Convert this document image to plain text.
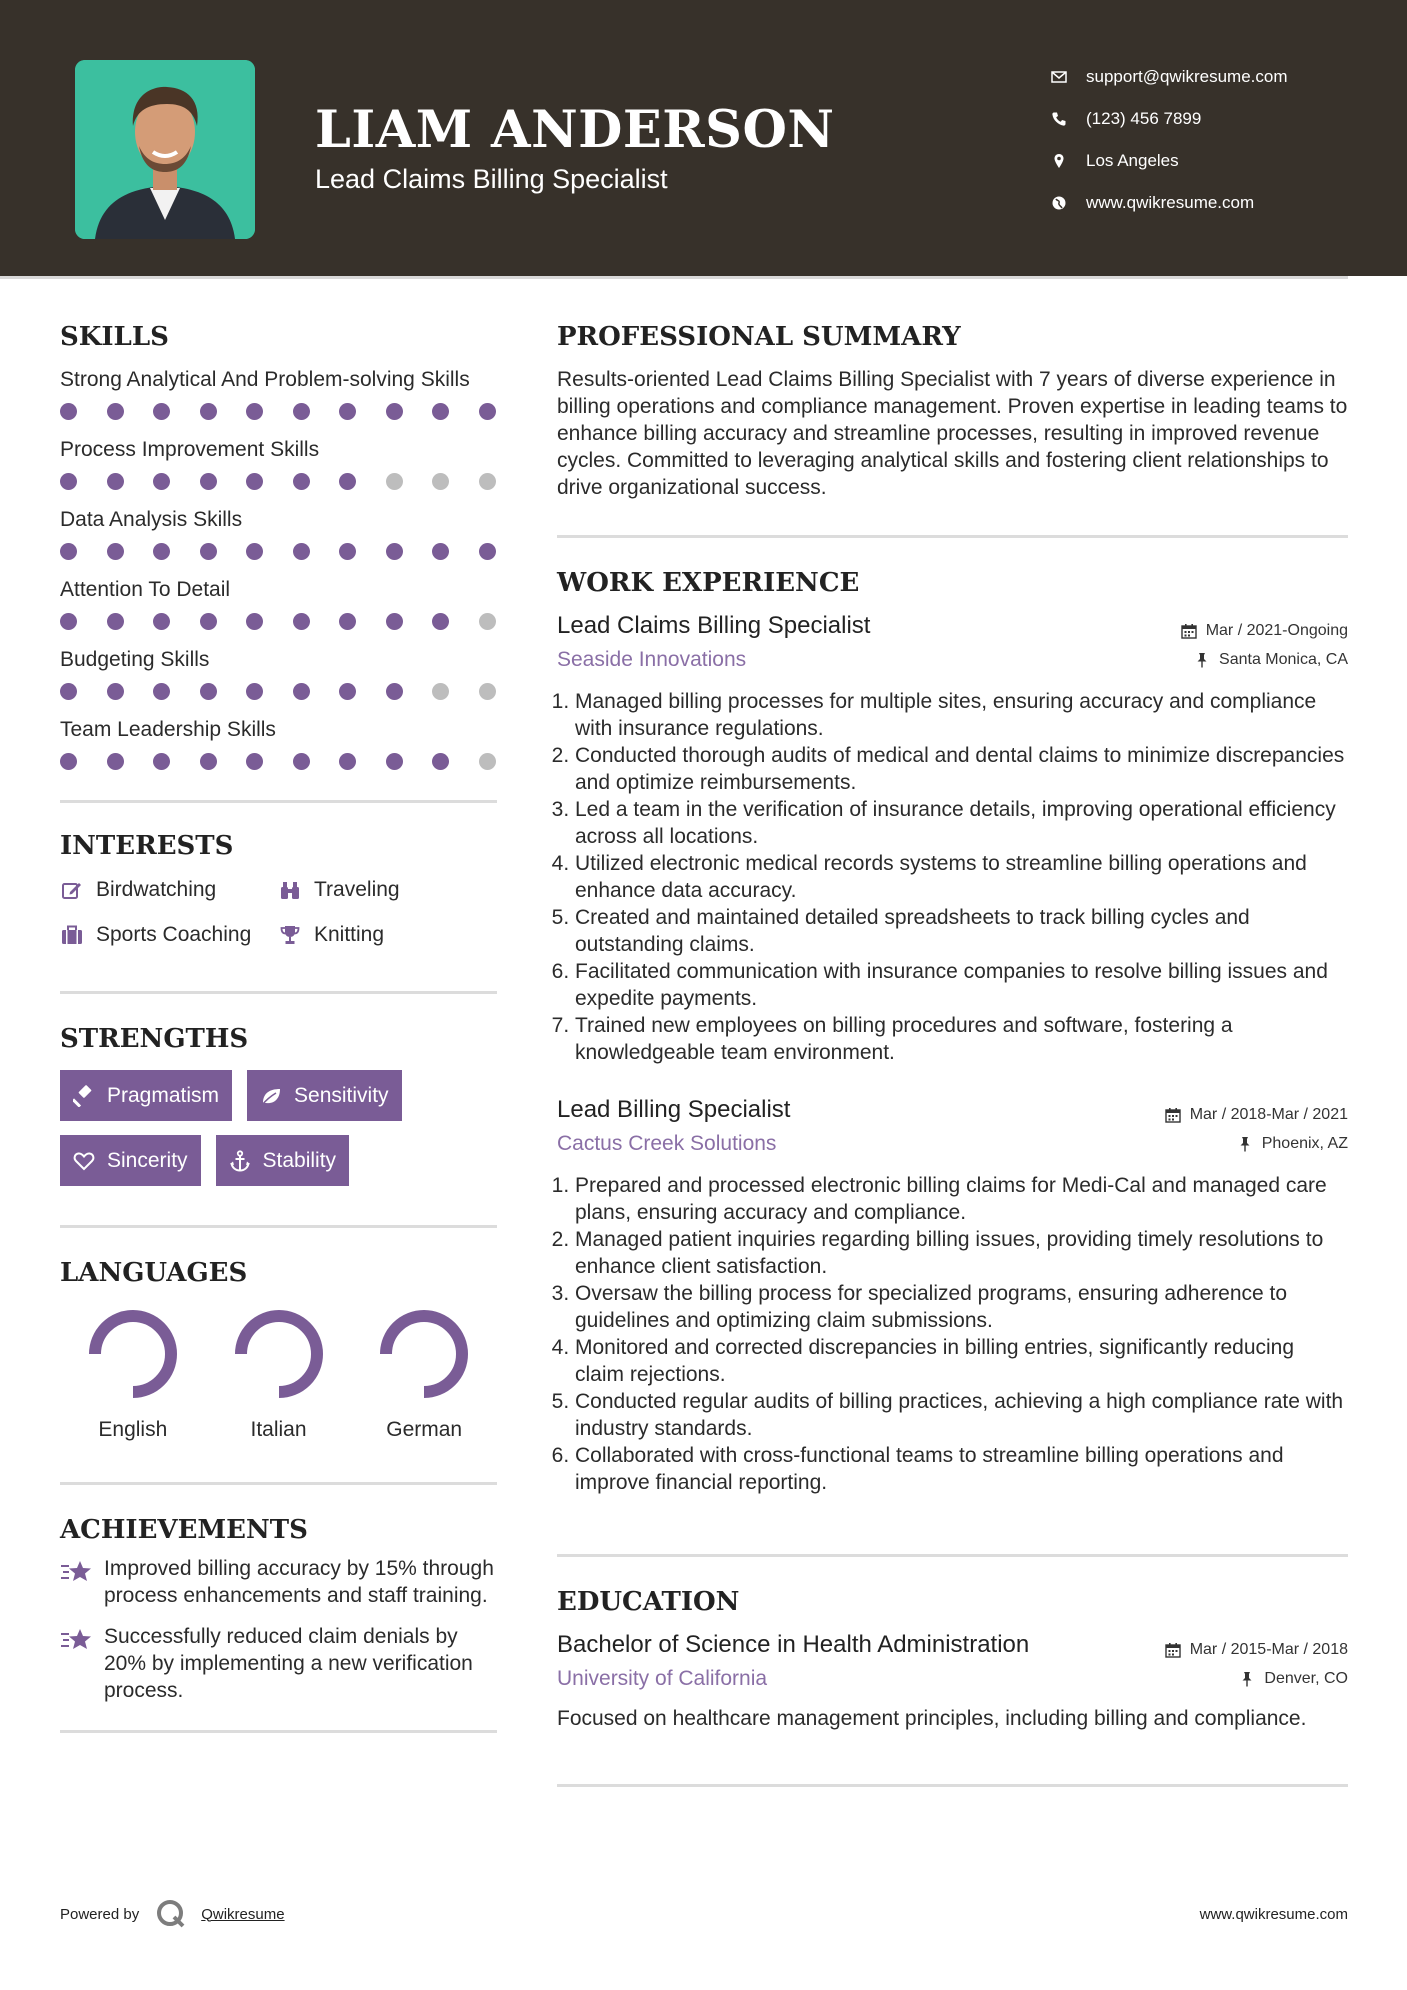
LIAM ANDERSON
Lead Claims Billing Specialist
support@qwikresume.com
(123) 456 7899
Los Angeles
www.qwikresume.com
SKILLS
Strong Analytical And Problem-solving Skills
Process Improvement Skills
Data Analysis Skills
Attention To Detail
Budgeting Skills
Team Leadership Skills
INTERESTS
Birdwatching	Traveling
Sports Coaching	Knitting
STRENGTHS
Pragmatism	Sensitivity
Sincerity	Stability
LANGUAGES
English	Italian	German
ACHIEVEMENTS
Improved billing accuracy by 15% through process enhancements and staff training.
Successfully reduced claim denials by 20% by implementing a new verification process.
PROFESSIONAL SUMMARY
Results-oriented Lead Claims Billing Specialist with 7 years of diverse experience in billing operations and compliance management. Proven expertise in leading teams to enhance billing accuracy and streamline processes, resulting in improved revenue cycles. Committed to leveraging analytical skills and fostering client relationships to drive organizational success.
WORK EXPERIENCE
Lead Claims Billing Specialist	Mar / 2021-Ongoing
Seaside Innovations	Santa Monica, CA
1. Managed billing processes for multiple sites, ensuring accuracy and compliance with insurance regulations.
2. Conducted thorough audits of medical and dental claims to minimize discrepancies and optimize reimbursements.
3. Led a team in the verification of insurance details, improving operational efficiency across all locations.
4. Utilized electronic medical records systems to streamline billing operations and enhance data accuracy.
5. Created and maintained detailed spreadsheets to track billing cycles and outstanding claims.
6. Facilitated communication with insurance companies to resolve billing issues and expedite payments.
7. Trained new employees on billing procedures and software, fostering a knowledgeable team environment.
Lead Billing Specialist	Mar / 2018-Mar / 2021
Cactus Creek Solutions	Phoenix, AZ
1. Prepared and processed electronic billing claims for Medi-Cal and managed care plans, ensuring accuracy and compliance.
2. Managed patient inquiries regarding billing issues, providing timely resolutions to enhance client satisfaction.
3. Oversaw the billing process for specialized programs, ensuring adherence to guidelines and optimizing claim submissions.
4. Monitored and corrected discrepancies in billing entries, significantly reducing claim rejections.
5. Conducted regular audits of billing practices, achieving a high compliance rate with industry standards.
6. Collaborated with cross-functional teams to streamline billing operations and improve financial reporting.
EDUCATION
Bachelor of Science in Health Administration	Mar / 2015-Mar / 2018
University of California	Denver, CO
Focused on healthcare management principles, including billing and compliance.
Powered by	Qwikresume	www.qwikresume.com
